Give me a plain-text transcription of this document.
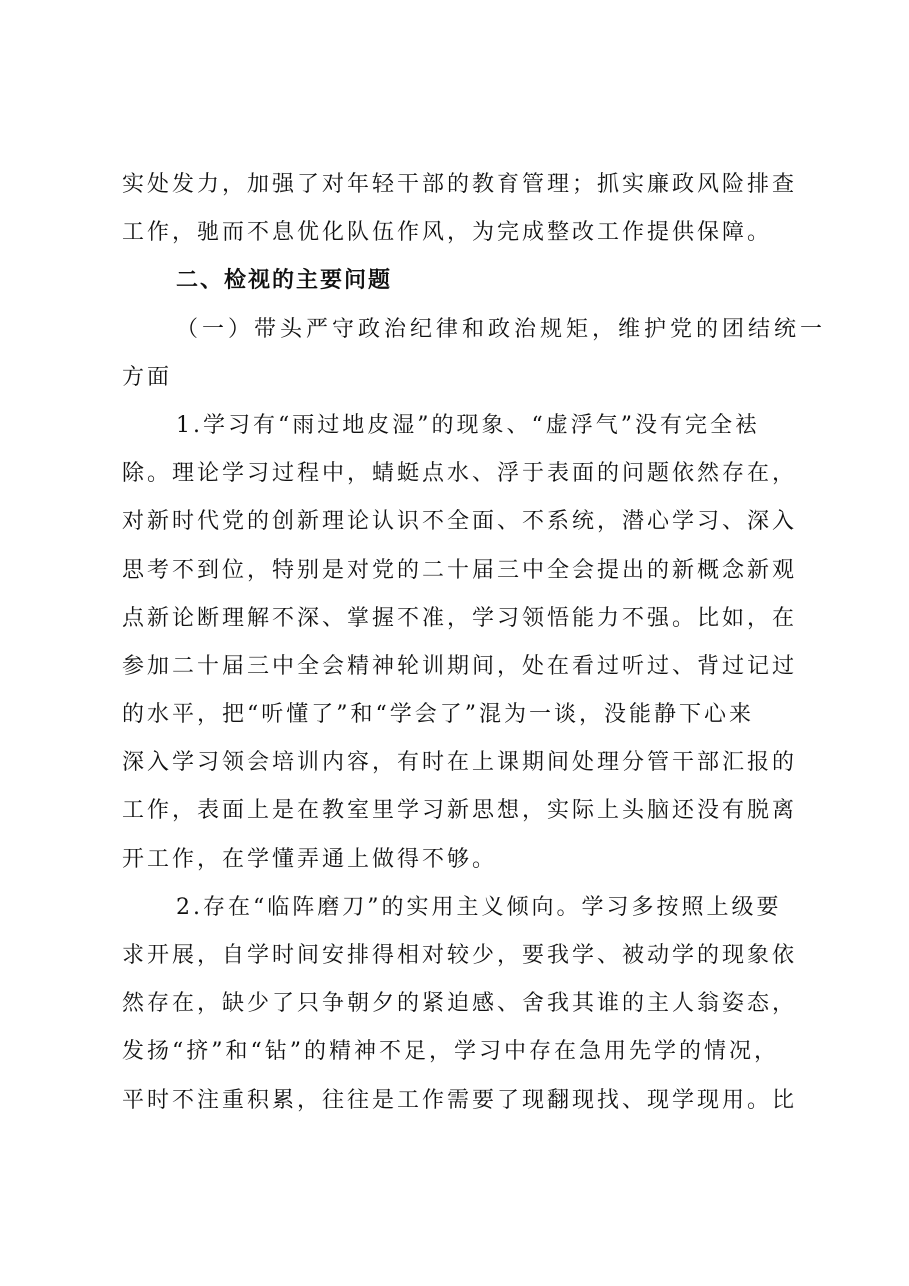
实处发力，加强了对年轻干部的教育管理；抓实廉政风险排查
工作，驰而不息优化队伍作风，为完成整改工作提供保障。
二、检视的主要问题
（一）带头严守政治纪律和政治规矩，维护党的团结统一
方面
1.学习有“雨过地皮湿”的现象、“虚浮气”没有完全袪
除。理论学习过程中，蜻蜓点水、浮于表面的问题依然存在，
对新时代党的创新理论认识不全面、不系统，潜心学习、深入
思考不到位，特别是对党的二十届三中全会提出的新概念新观
点新论断理解不深、掌握不准，学习领悟能力不强。比如，在
参加二十届三中全会精神轮训期间，处在看过听过、背过记过
的水平，把“听懂了”和“学会了”混为一谈，没能静下心来
深入学习领会培训内容，有时在上课期间处理分管干部汇报的
工作，表面上是在教室里学习新思想，实际上头脑还没有脱离
开工作，在学懂弄通上做得不够。
2.存在“临阵磨刀”的实用主义倾向。学习多按照上级要
求开展，自学时间安排得相对较少，要我学、被动学的现象依
然存在，缺少了只争朝夕的紧迫感、舍我其谁的主人翁姿态，
发扬“挤”和“钻”的精神不足，学习中存在急用先学的情况，
平时不注重积累，往往是工作需要了现翻现找、现学现用。比
